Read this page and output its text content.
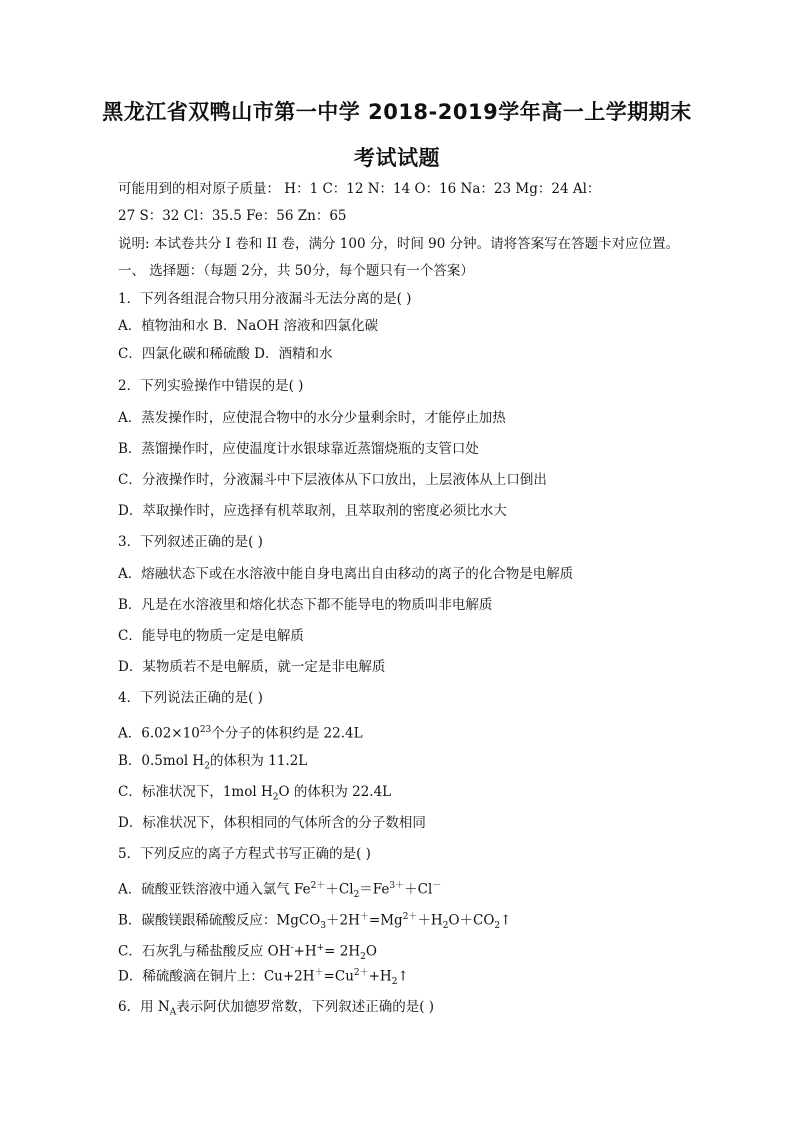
黑龙江省双鸭山市第一中学 2018-2019学年高一上学期期末
考试试题
可能用到的相对原子质量： H：1 C：12 N：14 O：16 Na：23 Mg：24 Al：
27 S：32 Cl：35.5 Fe：56 Zn：65
说明: 本试卷共分 I 卷和 II 卷，满分 100 分，时间 90 分钟。请将答案写在答题卡对应位置。
一、 选择题：（每题 2分，共 50分，每个题只有一个答案）
1．下列各组混合物只用分液漏斗无法分离的是( )
A．植物油和水 B．NaOH 溶液和四氯化碳
C．四氯化碳和稀硫酸 D．酒精和水
2．下列实验操作中错误的是( )
A．蒸发操作时，应使混合物中的水分少量剩余时，才能停止加热
B．蒸馏操作时，应使温度计水银球靠近蒸馏烧瓶的支管口处
C．分液操作时，分液漏斗中下层液体从下口放出，上层液体从上口倒出
D．萃取操作时，应选择有机萃取剂，且萃取剂的密度必须比水大
3．下列叙述正确的是( )
A．熔融状态下或在水溶液中能自身电离出自由移动的离子的化合物是电解质
B．凡是在水溶液里和熔化状态下都不能导电的物质叫非电解质
C．能导电的物质一定是电解质
D．某物质若不是电解质，就一定是非电解质
4．下列说法正确的是( )
A．$6.02\times 10^{23}$个分子的体积约是 22.4L
B．0.5mol $H_2$的体积为 11.2L
C．标准状况下，1mol $H_2O$ 的体积为 22.4L
D．标准状况下，体积相同的气体所含的分子数相同
5．下列反应的离子方程式书写正确的是( )
A．硫酸亚铁溶液中通入氯气 $Fe^{2+}+Cl_2=Fe^{3+}+Cl^-$
B．碳酸镁跟稀硫酸反应：$MgCO_3+2H^+=Mg^{2+}+H_2O+CO_2↑$
C．石灰乳与稀盐酸反应 $OH^-+H^+= 2H_2O$
D．稀硫酸滴在铜片上：$Cu+2H^+=Cu^{2+}+H_2↑$
6．用 $N_A$表示阿伏加德罗常数，下列叙述正确的是( )
